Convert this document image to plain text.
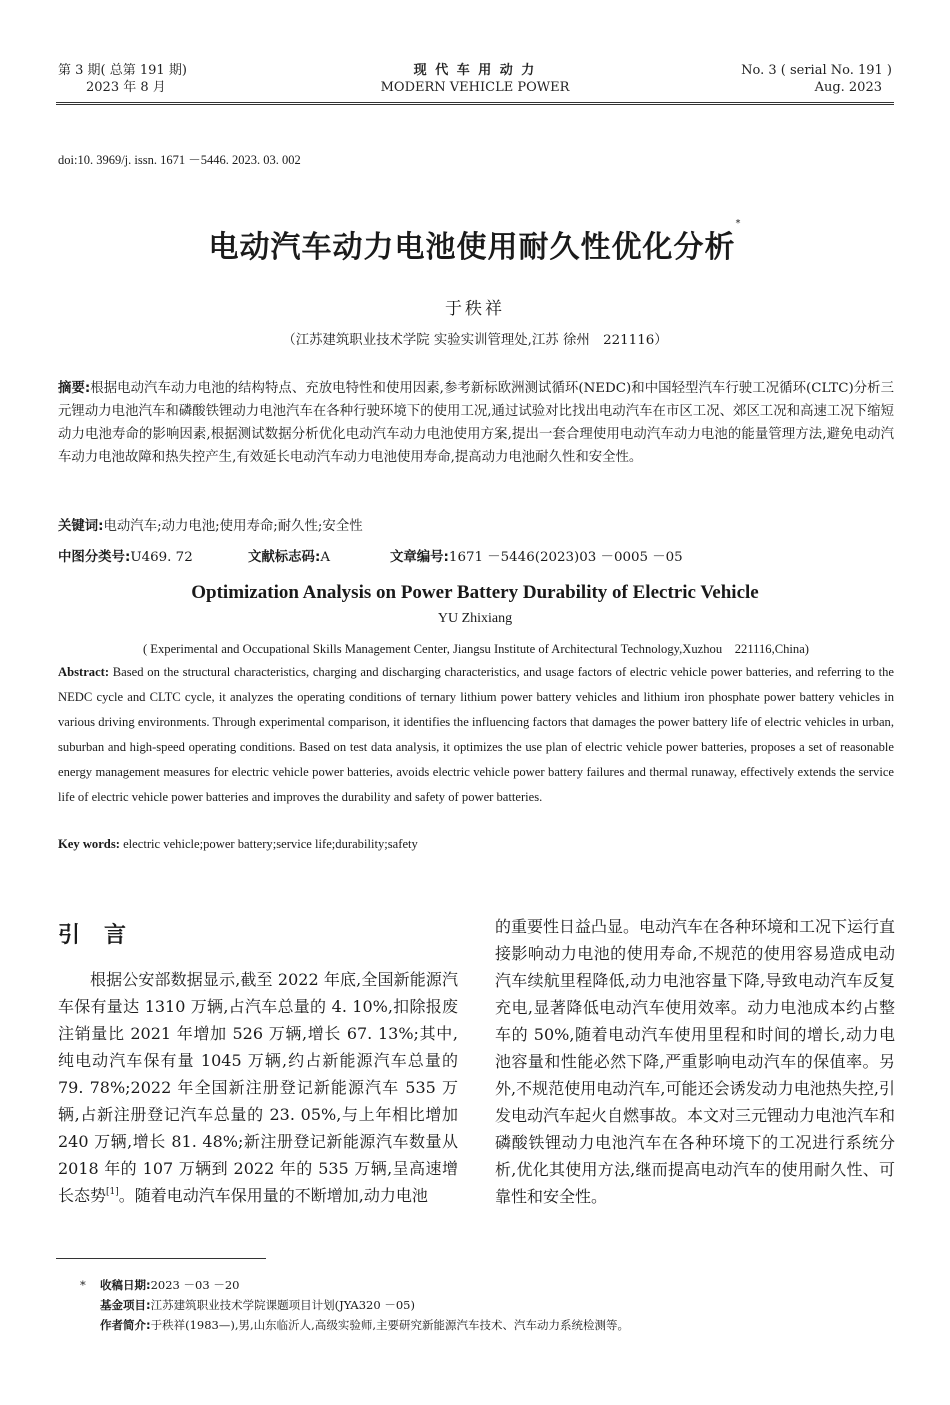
第 3 期( 总第 191 期)
2023 年 8 月
现 代 车 用 动 力
MODERN VEHICLE POWER
No. 3 ( serial No. 191 )
Aug. 2023
doi:10. 3969/j. issn. 1671 －5446. 2023. 03. 002
电动汽车动力电池使用耐久性优化分析*
于秩祥
（江苏建筑职业技术学院 实验实训管理处,江苏 徐州　221116）
摘要:根据电动汽车动力电池的结构特点、充放电特性和使用因素,参考新标欧洲测试循环(NEDC)和中国轻型汽车行驶工况循环(CLTC)分析三元锂动力电池汽车和磷酸铁锂动力电池汽车在各种行驶环境下的使用工况,通过试验对比找出电动汽车在市区工况、郊区工况和高速工况下缩短动力电池寿命的影响因素,根据测试数据分析优化电动汽车动力电池使用方案,提出一套合理使用电动汽车动力电池的能量管理方法,避免电动汽车动力电池故障和热失控产生,有效延长电动汽车动力电池使用寿命,提高动力电池耐久性和安全性。
关键词:电动汽车;动力电池;使用寿命;耐久性;安全性
中图分类号:U469. 72	文献标志码:A	文章编号:1671 －5446(2023)03 －0005 －05
Optimization Analysis on Power Battery Durability of Electric Vehicle
YU Zhixiang
( Experimental and Occupational Skills Management Center, Jiangsu Institute of Architectural Technology,Xuzhou　221116,China)
Abstract: Based on the structural characteristics, charging and discharging characteristics, and usage factors of electric vehicle power batteries, and referring to the NEDC cycle and CLTC cycle, it analyzes the operating conditions of ternary lithium power battery vehicles and lithium iron phosphate power battery vehicles in various driving environments. Through experimental comparison, it identifies the influencing factors that damages the power battery life of electric vehicles in urban, suburban and high-speed operating conditions. Based on test data analysis, it optimizes the use plan of electric vehicle power batteries, proposes a set of reasonable energy management measures for electric vehicle power batteries, avoids electric vehicle power battery failures and thermal runaway, effectively extends the service life of electric vehicle power batteries and improves the durability and safety of power batteries.
Key words: electric vehicle;power battery;service life;durability;safety
引言
根据公安部数据显示,截至 2022 年底,全国新能源汽车保有量达 1310 万辆,占汽车总量的 4. 10%,扣除报废注销量比 2021 年增加 526 万辆,增长 67. 13%;其中,纯电动汽车保有量 1045 万辆,约占新能源汽车总量的 79. 78%;2022 年全国新注册登记新能源汽车 535 万辆,占新注册登记汽车总量的 23. 05%,与上年相比增加 240 万辆,增长 81. 48%;新注册登记新能源汽车数量从 2018 年的 107 万辆到 2022 年的 535 万辆,呈高速增长态势[1]。随着电动汽车保用量的不断增加,动力电池
的重要性日益凸显。电动汽车在各种环境和工况下运行直接影响动力电池的使用寿命,不规范的使用容易造成电动汽车续航里程降低,动力电池容量下降,导致电动汽车反复充电,显著降低电动汽车使用效率。动力电池成本约占整车的 50%,随着电动汽车使用里程和时间的增长,动力电池容量和性能必然下降,严重影响电动汽车的保值率。另外,不规范使用电动汽车,可能还会诱发动力电池热失控,引发电动汽车起火自燃事故。本文对三元锂动力电池汽车和磷酸铁锂动力电池汽车在各种环境下的工况进行系统分析,优化其使用方法,继而提高电动汽车的使用耐久性、可靠性和安全性。
* 收稿日期:2023 －03 －20
基金项目:江苏建筑职业技术学院课题项目计划(JYA320 －05)
作者简介:于秩祥(1983—),男,山东临沂人,高级实验师,主要研究新能源汽车技术、汽车动力系统检测等。
